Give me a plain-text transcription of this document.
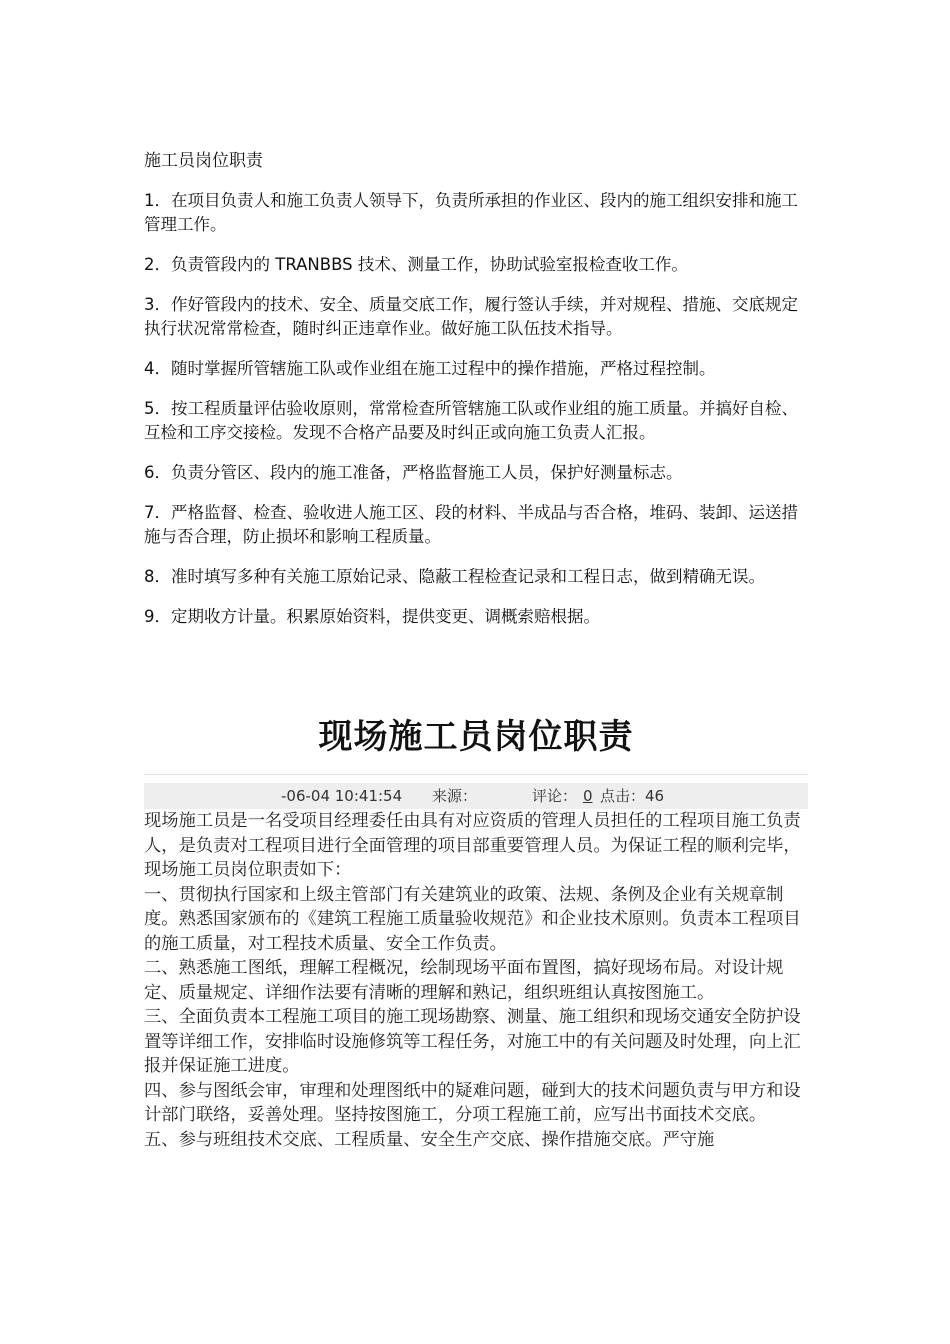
施工员岗位职责

1．在项目负责人和施工负责人领导下，负责所承担的作业区、段内的施工组织安排和施工管理工作。

2．负责管段内的 TRANBBS 技术、测量工作，协助试验室报检查收工作。

3．作好管段内的技术、安全、质量交底工作，履行签认手续，并对规程、措施、交底规定执行状况常常检查，随时纠正违章作业。做好施工队伍技术指导。

4．随时掌握所管辖施工队或作业组在施工过程中的操作措施，严格过程控制。

5．按工程质量评估验收原则，常常检查所管辖施工队或作业组的施工质量。并搞好自检、互检和工序交接检。发现不合格产品要及时纠正或向施工负责人汇报。

6．负责分管区、段内的施工准备，严格监督施工人员，保护好测量标志。

7．严格监督、检查、验收进人施工区、段的材料、半成品与否合格，堆码、装卸、运送措施与否合理，防止损坏和影响工程质量。

8．准时填写多种有关施工原始记录、隐蔽工程检查记录和工程日志，做到精确无误。

9．定期收方计量。积累原始资料，提供变更、调概索赔根据。

现场施工员岗位职责
-06-04 10:41:54 来源：	评论： 0 点击：46

现场施工员是一名受项目经理委任由具有对应资质的管理人员担任的工程项目施工负责人，是负责对工程项目进行全面管理的项目部重要管理人员。为保证工程的顺利完毕，现场施工员岗位职责如下：

一、贯彻执行国家和上级主管部门有关建筑业的政策、法规、条例及企业有关规章制度。熟悉国家颁布的《建筑工程施工质量验收规范》和企业技术原则。负责本工程项目的施工质量，对工程技术质量、安全工作负责。

二、熟悉施工图纸，理解工程概况，绘制现场平面布置图，搞好现场布局。对设计规定、质量规定、详细作法要有清晰的理解和熟记，组织班组认真按图施工。

三、全面负责本工程施工项目的施工现场勘察、测量、施工组织和现场交通安全防护设置等详细工作，安排临时设施修筑等工程任务，对施工中的有关问题及时处理，向上汇报并保证施工进度。

四、参与图纸会审，审理和处理图纸中的疑难问题，碰到大的技术问题负责与甲方和设计部门联络，妥善处理。坚持按图施工，分项工程施工前，应写出书面技术交底。

五、参与班组技术交底、工程质量、安全生产交底、操作措施交底。严守施
